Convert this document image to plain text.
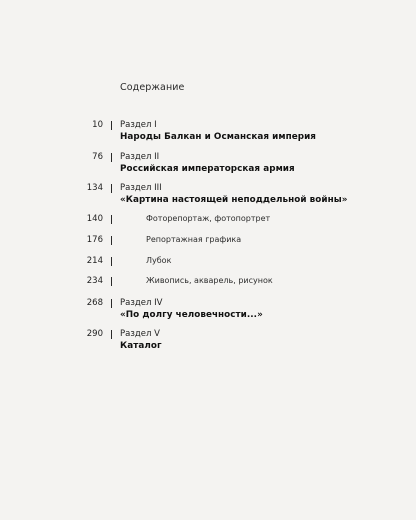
Содержание
10 Раздел I
Народы Балкан и Османская империя
76 Раздел II
Российская императорская армия
134 Раздел III
«Картина настоящей неподдельной войны»
140	Фоторепортаж, фотопортрет
176	Репортажная графика
214	Лубок
234	Живопись, акварель, рисунок
268 Раздел IV
«По долгу человечности...»
290 Раздел V
Каталог
